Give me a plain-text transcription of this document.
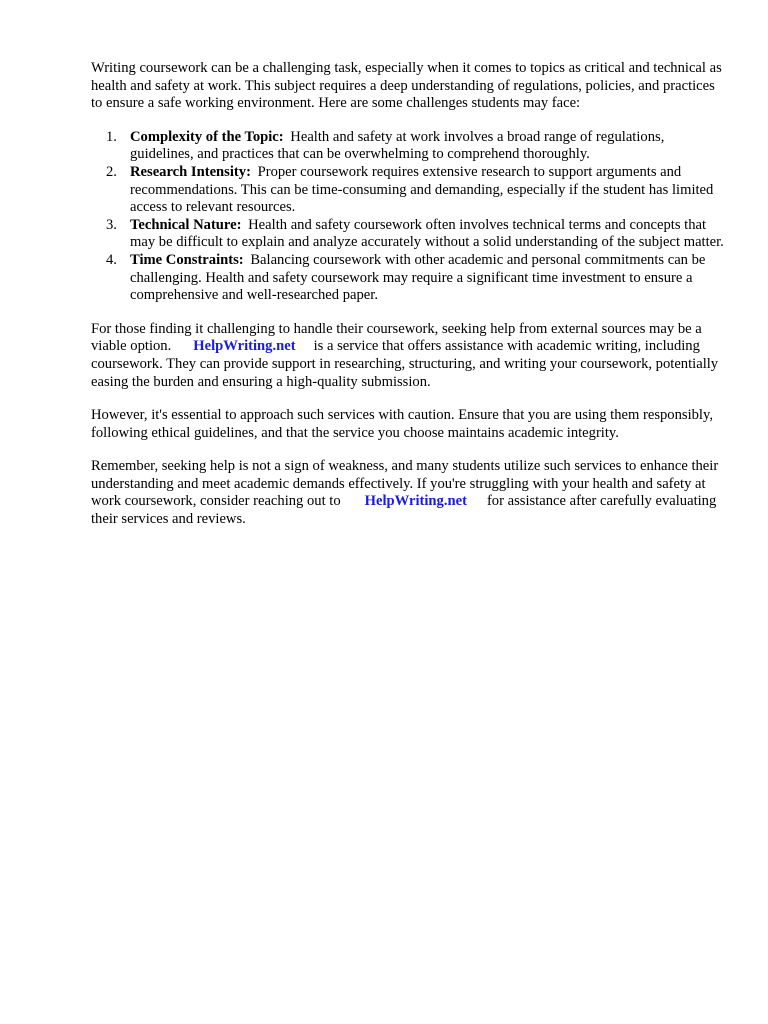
Writing coursework can be a challenging task, especially when it comes to topics as critical and technical as health and safety at work. This subject requires a deep understanding of regulations, policies, and practices to ensure a safe working environment. Here are some challenges students may face:

1. Complexity of the Topic: Health and safety at work involves a broad range of regulations, guidelines, and practices that can be overwhelming to comprehend thoroughly.
2. Research Intensity: Proper coursework requires extensive research to support arguments and recommendations. This can be time-consuming and demanding, especially if the student has limited access to relevant resources.
3. Technical Nature: Health and safety coursework often involves technical terms and concepts that may be difficult to explain and analyze accurately without a solid understanding of the subject matter.
4. Time Constraints: Balancing coursework with other academic and personal commitments can be challenging. Health and safety coursework may require a significant time investment to ensure a comprehensive and well-researched paper.

For those finding it challenging to handle their coursework, seeking help from external sources may be a viable option. HelpWriting.net is a service that offers assistance with academic writing, including coursework. They can provide support in researching, structuring, and writing your coursework, potentially easing the burden and ensuring a high-quality submission.

However, it's essential to approach such services with caution. Ensure that you are using them responsibly, following ethical guidelines, and that the service you choose maintains academic integrity.

Remember, seeking help is not a sign of weakness, and many students utilize such services to enhance their understanding and meet academic demands effectively. If you're struggling with your health and safety at work coursework, consider reaching out to HelpWriting.net for assistance after carefully evaluating their services and reviews.
